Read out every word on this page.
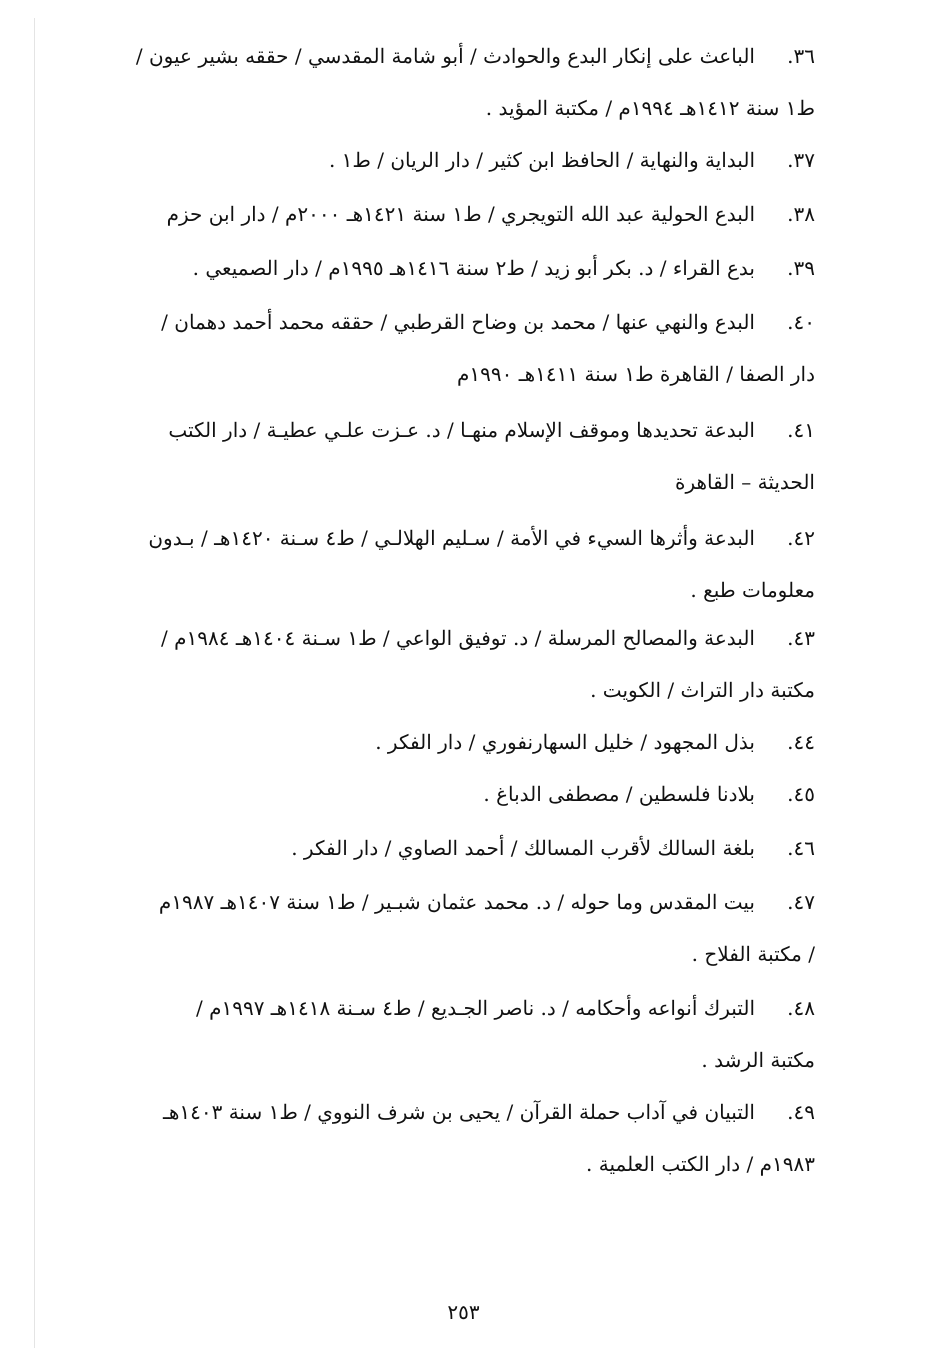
٣٦.
الباعث على إنكار البدع والحوادث / أبو شامة المقدسي / حققه بشير عيون /
ط١ سنة ١٤١٢هـ ١٩٩٤م / مكتبة المؤيد .
٣٧.
البداية والنهاية / الحافظ ابن كثير / دار الريان / ط١ .
٣٨.
البدع الحولية عبد الله التويجري / ط١ سنة ١٤٢١هـ ٢٠٠٠م / دار ابن حزم
٣٩.
بدع القراء / د. بكر أبو زيد / ط٢ سنة ١٤١٦هـ ١٩٩٥م / دار الصميعي .
٤٠.
البدع والنهي عنها / محمد بن وضاح القرطبي / حققه محمد أحمد دهمان /
دار الصفا / القاهرة ط١ سنة ١٤١١هـ ١٩٩٠م
٤١.
البدعة تحديدها وموقف الإسلام منهـا / د. عـزت علـي عطيـة / دار الكتب
الحديثة – القاهرة
٤٢.
البدعة وأثرها السيء في الأمة / سـليم الهلالـي / ط٤ سـنة ١٤٢٠هـ / بـدون
معلومات طبع .
٤٣.
البدعة والمصالح المرسلة / د. توفيق الواعي / ط١ سـنة ١٤٠٤هـ ١٩٨٤م /
مكتبة دار التراث / الكويت .
٤٤.
بذل المجهود / خليل السهارنفوري / دار الفكر .
٤٥.
بلادنا فلسطين / مصطفى الدباغ .
٤٦.
بلغة السالك لأقرب المسالك / أحمد الصاوي / دار الفكر .
٤٧.
بيت المقدس وما حوله / د. محمد عثمان شبـير / ط١ سنة ١٤٠٧هـ ١٩٨٧م
/ مكتبة الفلاح .
٤٨.
التبرك أنواعه وأحكامه / د. ناصر الجـديع / ط٤ سـنة ١٤١٨هـ ١٩٩٧م /
مكتبة الرشد .
٤٩.
التبيان في آداب حملة القرآن / يحيى بن شرف النووي / ط١ سنة ١٤٠٣هـ
١٩٨٣م / دار الكتب العلمية .
٢٥٣
